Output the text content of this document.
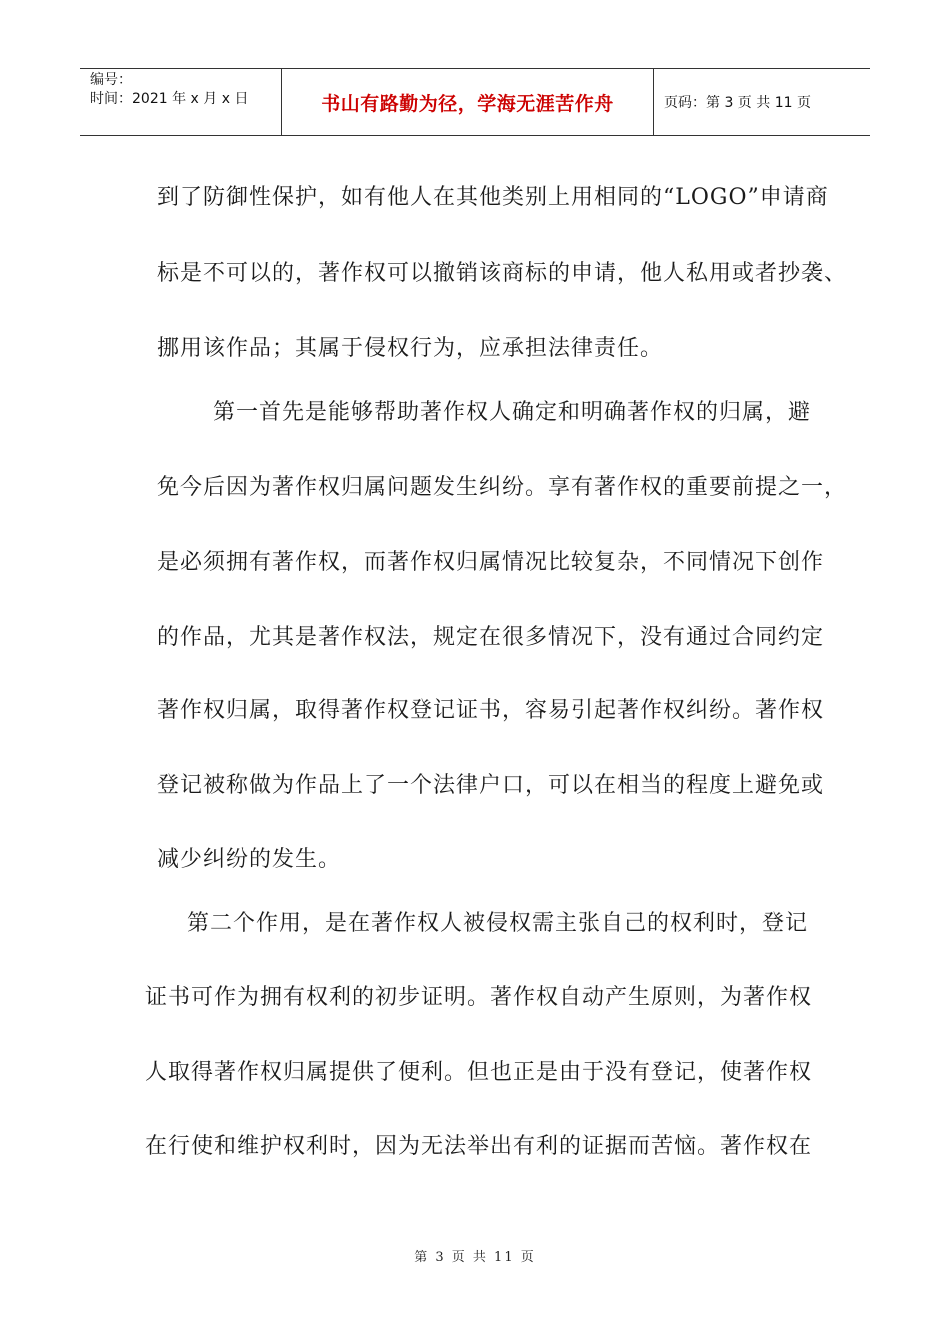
编号：
时间：2021 年 x 月 x 日	书山有路勤为径，学海无涯苦作舟	页码：第 3 页 共 11 页
到了防御性保护，如有他人在其他类别上用相同的“LOGO”申请商
标是不可以的，著作权可以撤销该商标的申请，他人私用或者抄袭、
挪用该作品；其属于侵权行为，应承担法律责任。
第一首先是能够帮助著作权人确定和明确著作权的归属，避
免今后因为著作权归属问题发生纠纷。享有著作权的重要前提之一，
是必须拥有著作权，而著作权归属情况比较复杂，不同情况下创作
的作品，尤其是著作权法，规定在很多情况下，没有通过合同约定
著作权归属，取得著作权登记证书，容易引起著作权纠纷。著作权
登记被称做为作品上了一个法律户口，可以在相当的程度上避免或
减少纠纷的发生。
第二个作用，是在著作权人被侵权需主张自己的权利时，登记
证书可作为拥有权利的初步证明。著作权自动产生原则，为著作权
人取得著作权归属提供了便利。但也正是由于没有登记，使著作权
在行使和维护权利时，因为无法举出有利的证据而苦恼。著作权在
第 3 页 共 11 页
